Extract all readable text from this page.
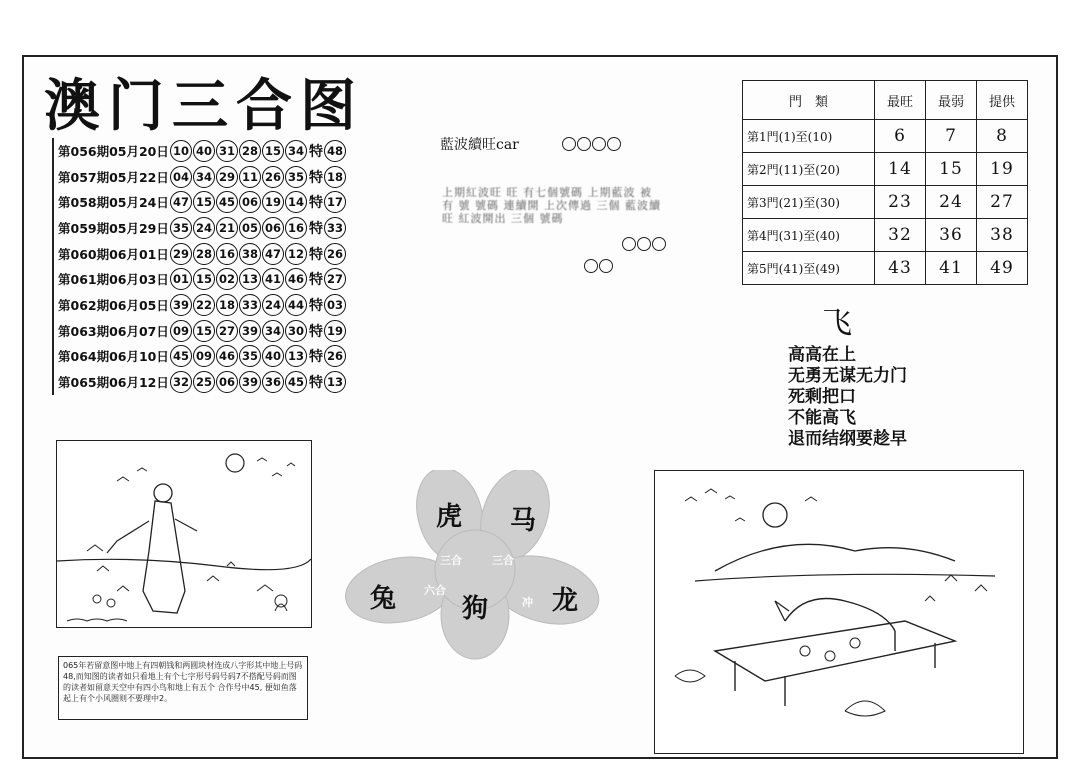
澳门三合图
第056期05月20日 10 40 31 28 15 34 特 48
第057期05月22日 04 34 29 11 26 35 特 18
第058期05月24日 47 15 45 06 19 14 特 17
第059期05月29日 35 24 21 05 06 16 特 33
第060期06月01日 29 28 16 38 47 12 特 26
第061期06月03日 01 15 02 13 41 46 特 27
第062期06月05日 39 22 18 33 24 44 特 03
第063期06月07日 09 15 27 39 34 30 特 19
第064期06月10日 45 09 46 35 40 13 特 26
第065期06月12日 32 25 06 39 36 45 特 13
藍波續旺car
上期紅波旺 旺 有七個號碼 上期藍波 被 有 號 號碼 連續開 上次傳過 三個 藍波續旺 紅波開出 三個 號碼
門　類	最旺	最弱	提供
第1門(1)至(10)	6	7	8
第2門(11)至(20)	14	15	19
第3門(21)至(30)	23	24	27
第4門(31)至(40)	32	36	38
第5門(41)至(49)	43	41	49
飞
高高在上
无勇无谋无力门
死剩把口
不能高飞
退而结纲要趁早
虎 马
兔	狗 龙
三合	三合
六合
冲
065年若留意图中地上有四朝钱和两圆块材连成八字形其中地上号码48,而知图的读者如只看地上有个七字形号码号码7不搭配号码而图的读者如留意天空中有四小鸟和地上有五个 合作号中45, 便如鱼落起上有个小风圈则不要理中2。
